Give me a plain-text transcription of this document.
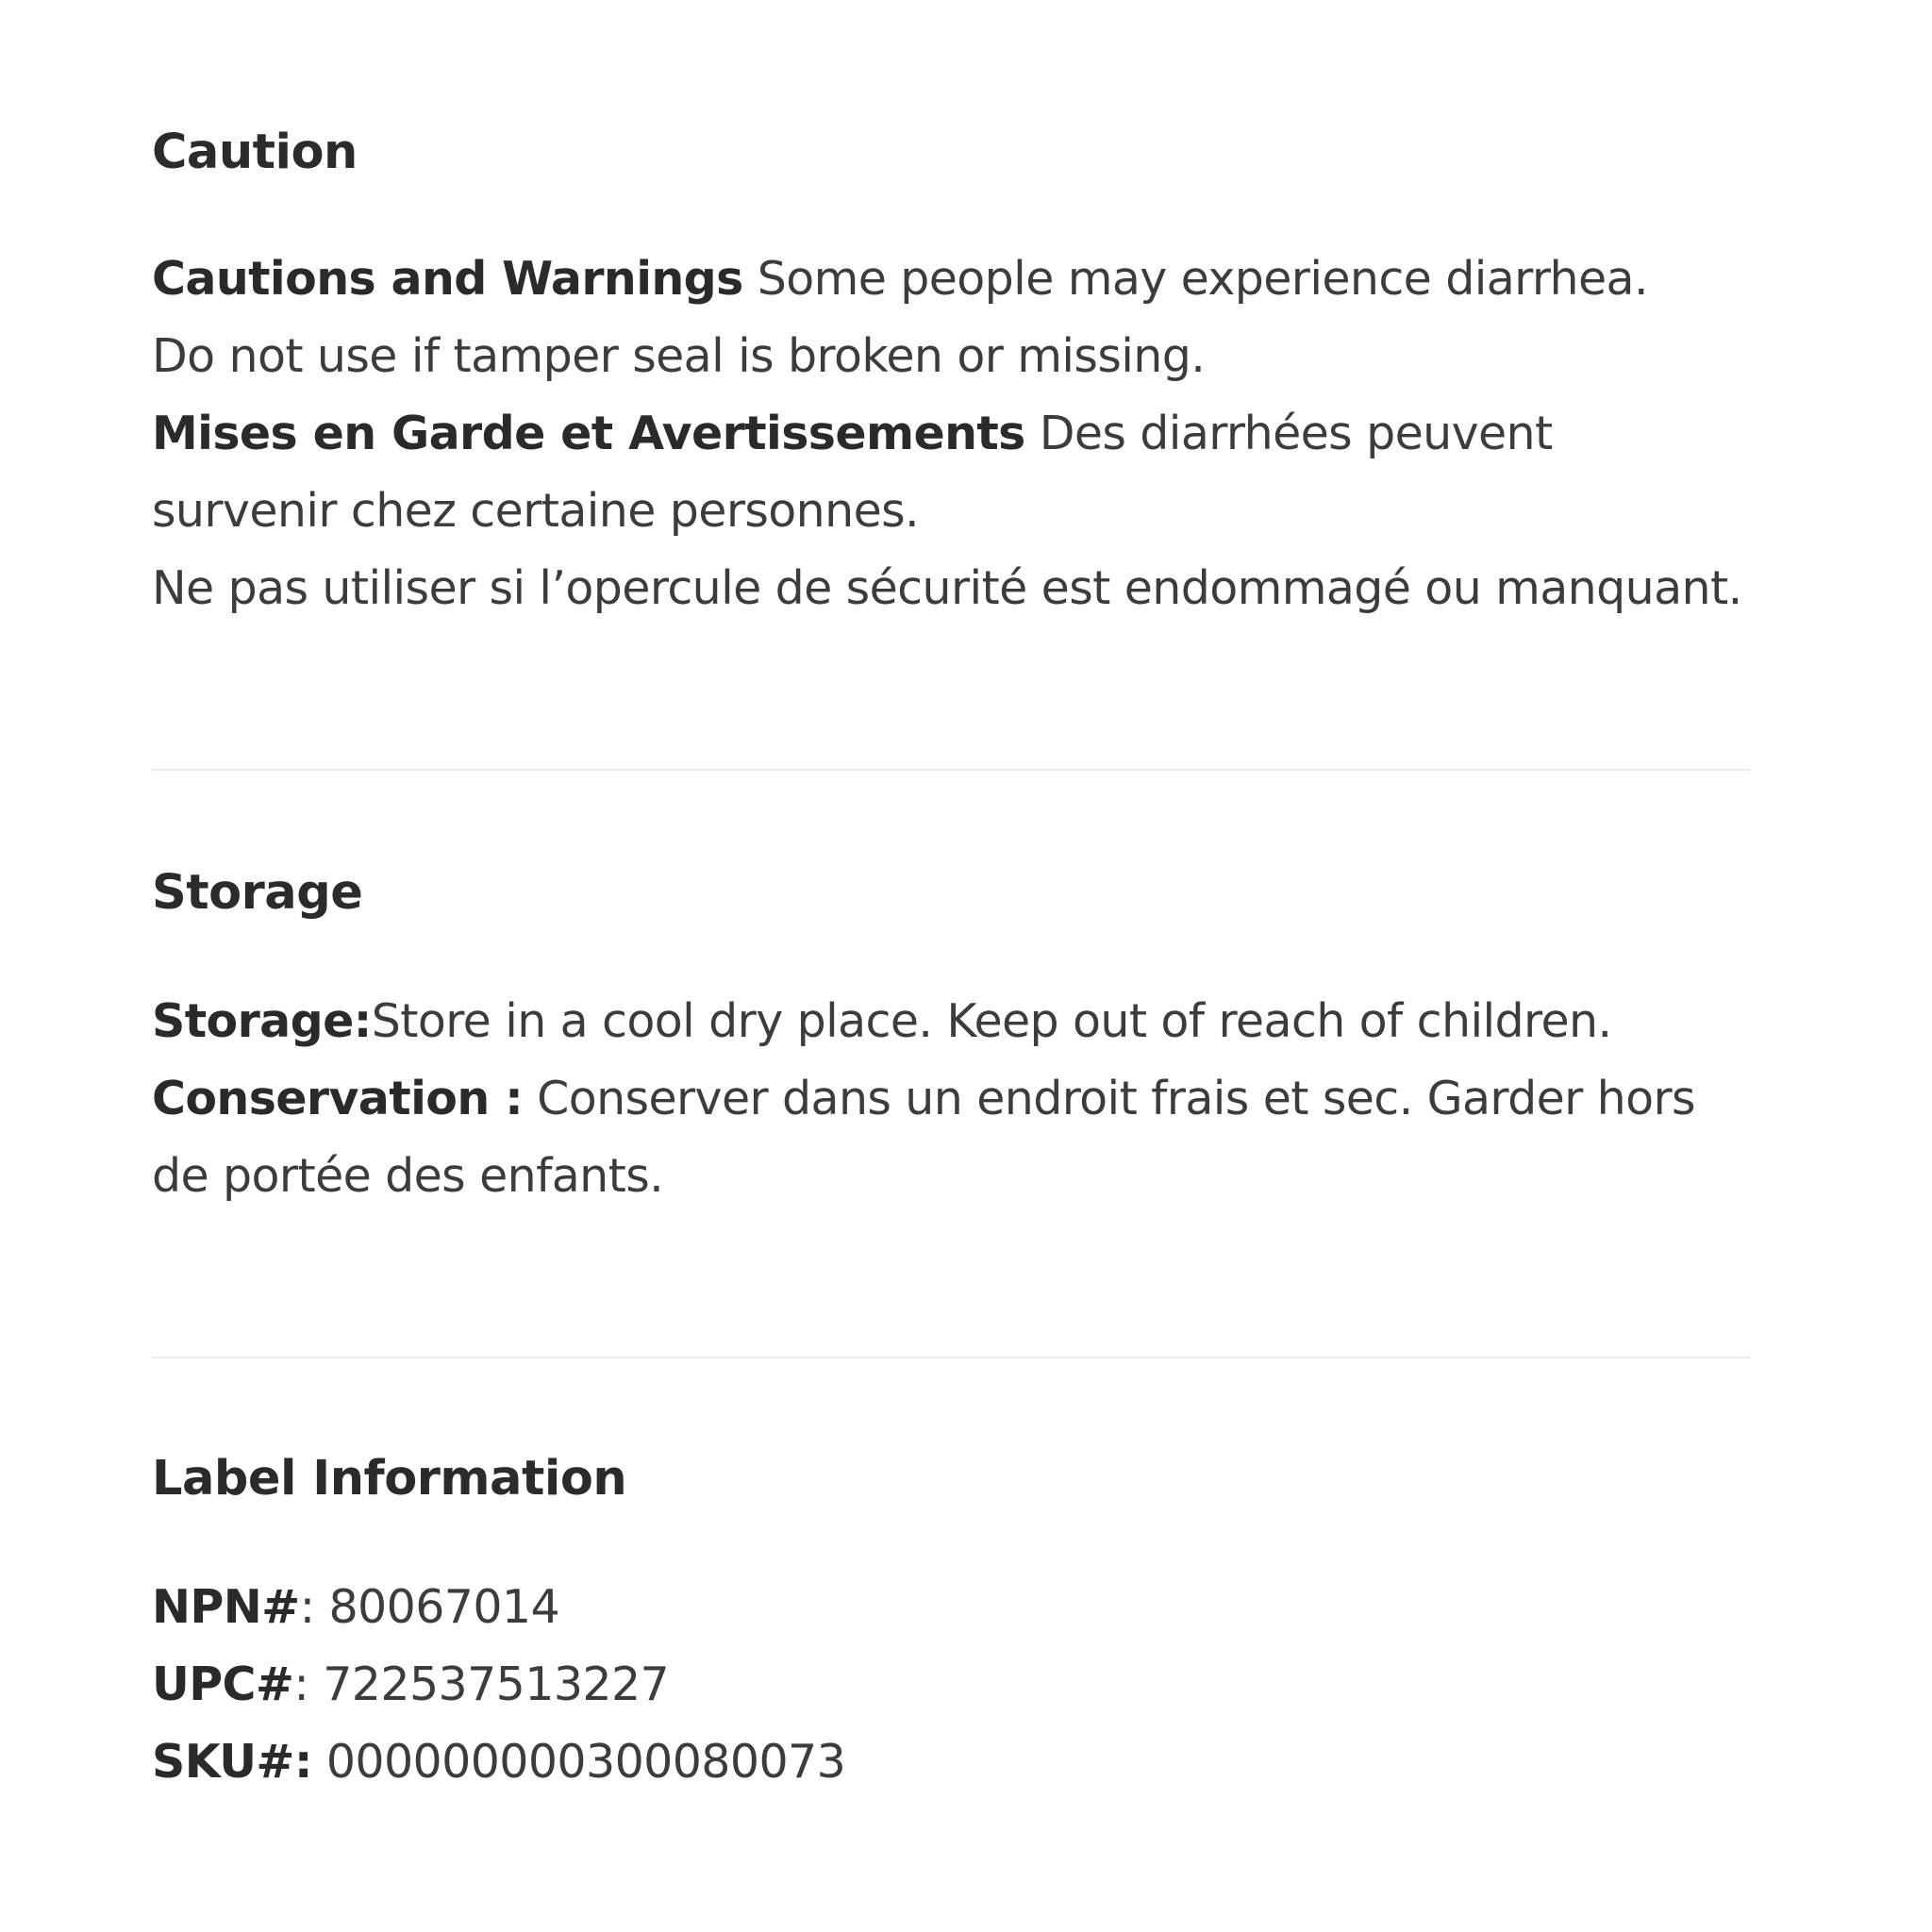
Caution

Cautions and Warnings Some people may experience diarrhea.

Do not use if tamper seal is broken or missing.

Mises en Garde et Avertissements Des diarrhées peuvent survenir chez certaine personnes.

Ne pas utiliser si l’opercule de sécurité est endommagé ou manquant.

Storage

Storage:Store in a cool dry place. Keep out of reach of children.

Conservation : Conserver dans un endroit frais et sec. Garder hors de portée des enfants.

Label Information

NPN#: 80067014

UPC#: 722537513227

SKU#: 000000000300080073
